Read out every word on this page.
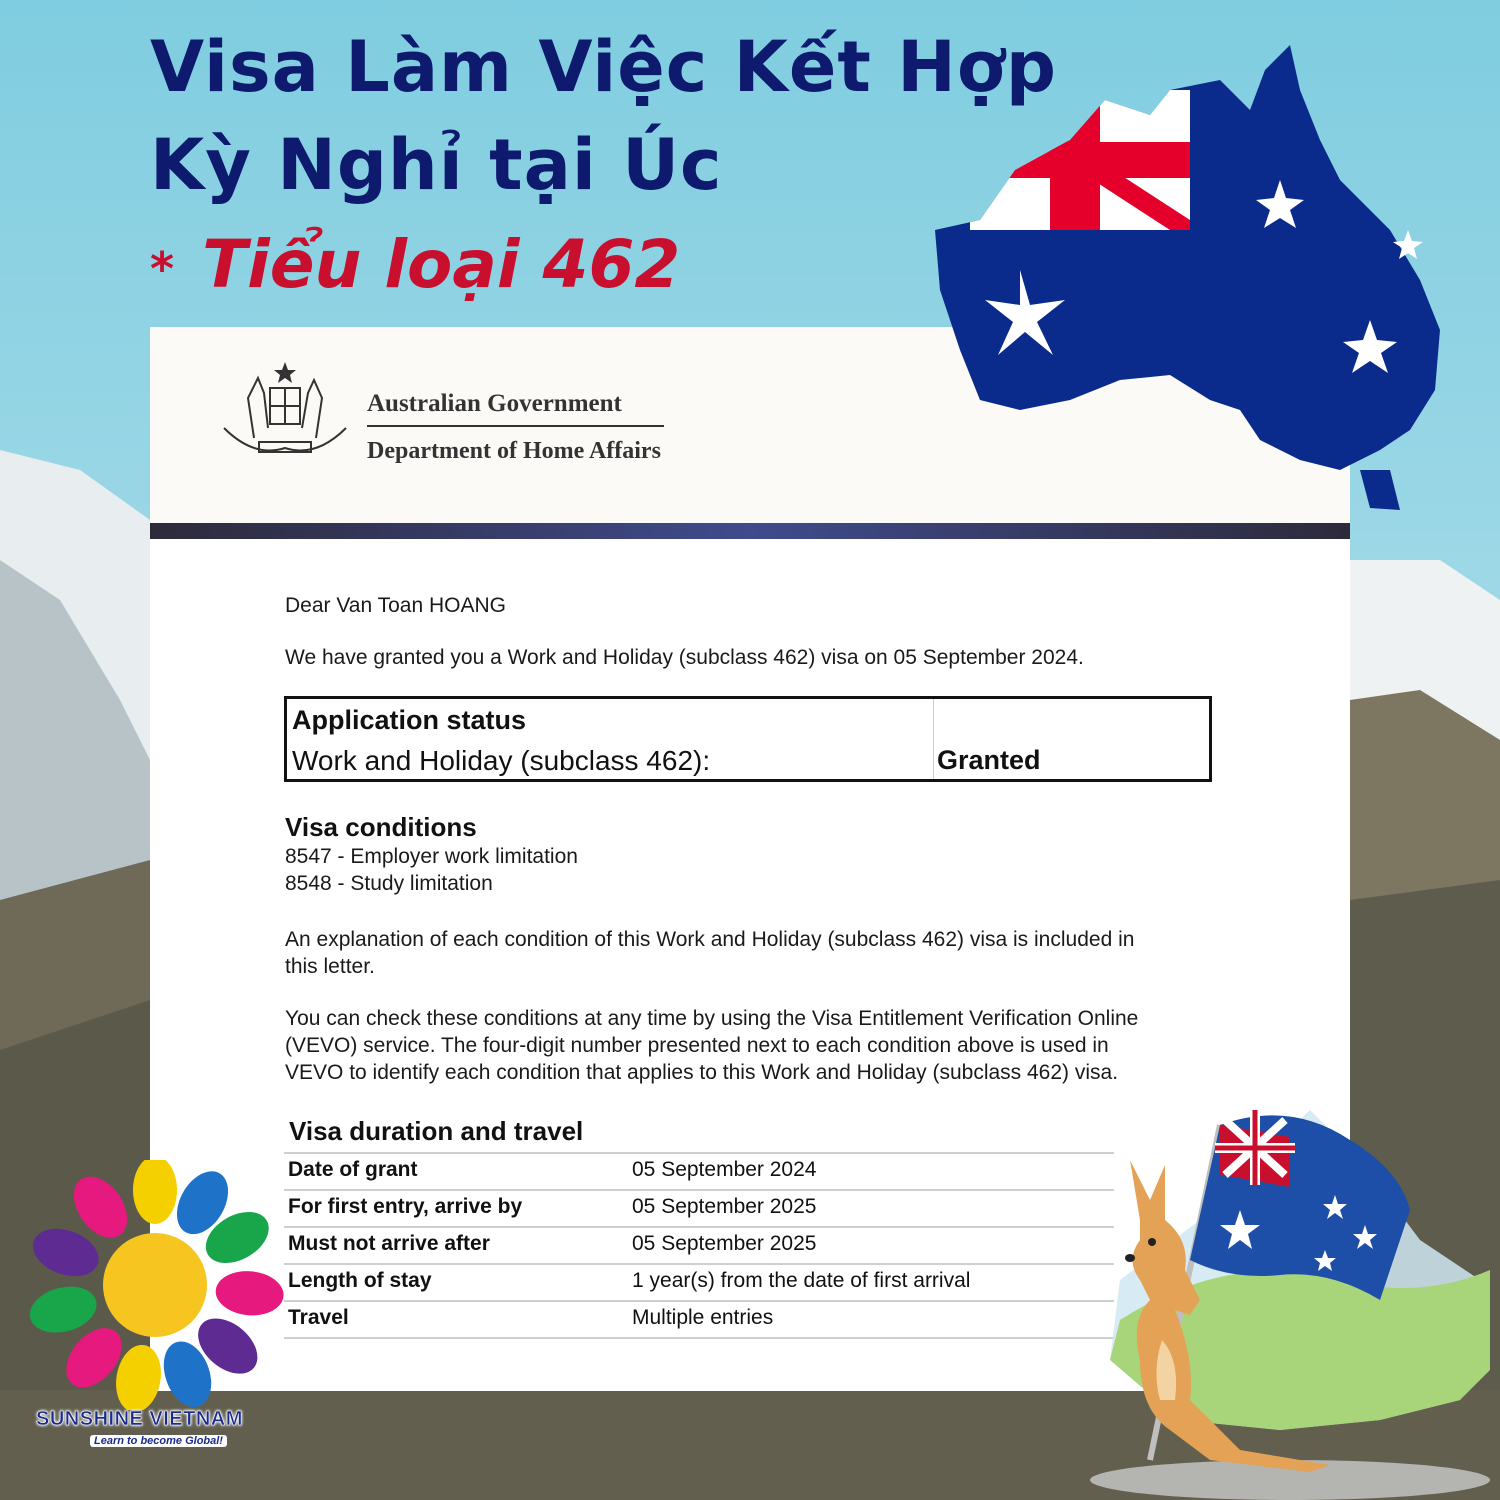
Visa Làm Việc Kết Hợp
Kỳ Nghỉ tại Úc
* Tiểu loại 462
Australian Government
Department of Home Affairs
Dear Van Toan HOANG
We have granted you a Work and Holiday (subclass 462) visa on 05 September 2024.
Application status
Work and Holiday (subclass 462):	Granted
Visa conditions
8547 - Employer work limitation
8548 - Study limitation
An explanation of each condition of this Work and Holiday (subclass 462) visa is included in
this letter.
You can check these conditions at any time by using the Visa Entitlement Verification Online
(VEVO) service. The four-digit number presented next to each condition above is used in
VEVO to identify each condition that applies to this Work and Holiday (subclass 462) visa.
Visa duration and travel
Date of grant	05 September 2024
For first entry, arrive by	05 September 2025
Must not arrive after	05 September 2025
Length of stay	1 year(s) from the date of first arrival
Travel	Multiple entries
SUNSHINE VIETNAM
Learn to become Global!
